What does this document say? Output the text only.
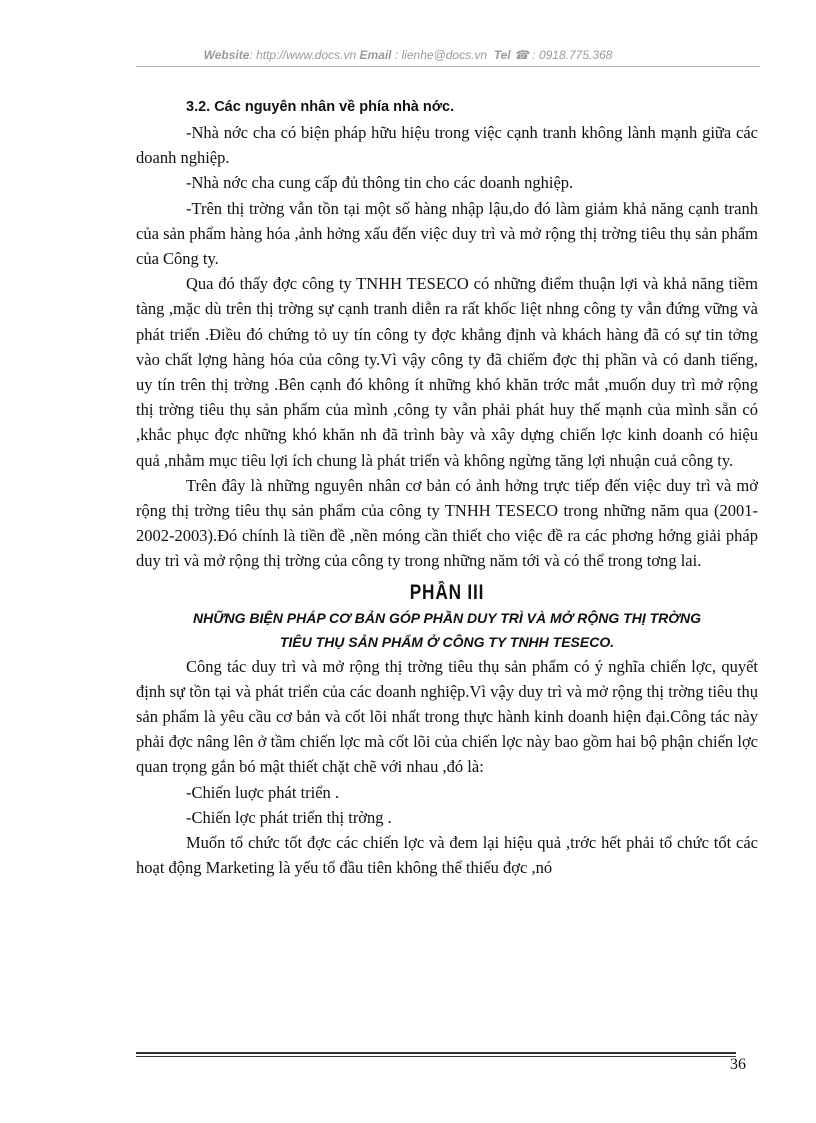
Website: http://www.docs.vn Email : lienhe@docs.vn Tel ☎ : 0918.775.368
3.2. Các nguyên nhân về phía nhà nớc.

-Nhà nớc cha có biện pháp hữu hiệu trong việc cạnh tranh không lành mạnh giữa các doanh nghiệp.

-Nhà nớc cha cung cấp đủ thông tin cho các doanh nghiệp.

-Trên thị trờng vẫn tồn tại một số hàng nhập lậu,do đó làm giảm khả năng cạnh tranh của sản phẩm hàng hóa ,ảnh hởng xấu đến việc duy trì và mở rộng thị trờng tiêu thụ sản phẩm của Công ty.

Qua đó thấy đợc công ty TNHH TESECO có những điểm thuận lợi và khả năng tiềm tàng ,mặc dù trên thị trờng sự cạnh tranh diễn ra rất khốc liệt nhng công ty vẫn đứng vững và phát triển .Điều đó chứng tỏ uy tín công ty đợc khẳng định và khách hàng đã có sự tin tởng vào chất lợng hàng hóa của công ty.Vì vậy công ty đã chiếm đợc thị phần và có danh tiếng, uy tín trên thị trờng .Bên cạnh đó không ít những khó khăn trớc mắt ,muốn duy trì mở rộng thị trờng tiêu thụ sản phẩm của mình ,công ty vẫn phải phát huy thế mạnh của mình sẵn có ,khắc phục đợc những khó khăn nh đã trình bày và xây dựng chiến lợc kinh doanh có hiệu quả ,nhằm mục tiêu lợi ích chung là phát triển và không ngừng tăng lợi nhuận cuả công ty.

Trên đây là những nguyên nhân cơ bản có ảnh hởng trực tiếp đến việc duy trì và mở rộng thị trờng tiêu thụ sản phẩm của công ty TNHH TESECO trong những năm qua (2001-2002-2003).Đó chính là tiền đề ,nền móng cần thiết cho việc đề ra các phơng hớng giải pháp duy trì và mở rộng thị trờng của công ty trong những năm tới và có thể trong tơng lai.

PHẦN III
NHỮNG BIỆN PHÁP CƠ BẢN GÓP PHẦN DUY TRÌ VÀ MỞ RỘNG THỊ TRỜNG
TIÊU THỤ SẢN PHẨM Ở CÔNG TY TNHH TESECO.

Công tác duy trì và mở rộng thị trờng tiêu thụ sản phẩm có ý nghĩa chiến lợc, quyết định sự tồn tại và phát triển của các doanh nghiệp.Vì vậy duy trì và mở rộng thị trờng tiêu thụ sản phẩm là yêu cầu cơ bản và cốt lõi nhất trong thực hành kinh doanh hiện đại.Công tác này phải đợc nâng lên ở tầm chiến lợc mà cốt lõi của chiến lợc này bao gồm hai bộ phận chiến lợc quan trọng gắn bó mật thiết chặt chẽ với nhau ,đó là:

-Chiến luợc phát triển .

-Chiến lợc phát triển thị trờng .

Muốn tổ chức tốt đợc các chiến lợc và đem lại hiệu quả ,trớc hết phải tổ chức tốt các hoạt động Marketing là yếu tố đầu tiên không thể thiếu đợc ,nó

36
